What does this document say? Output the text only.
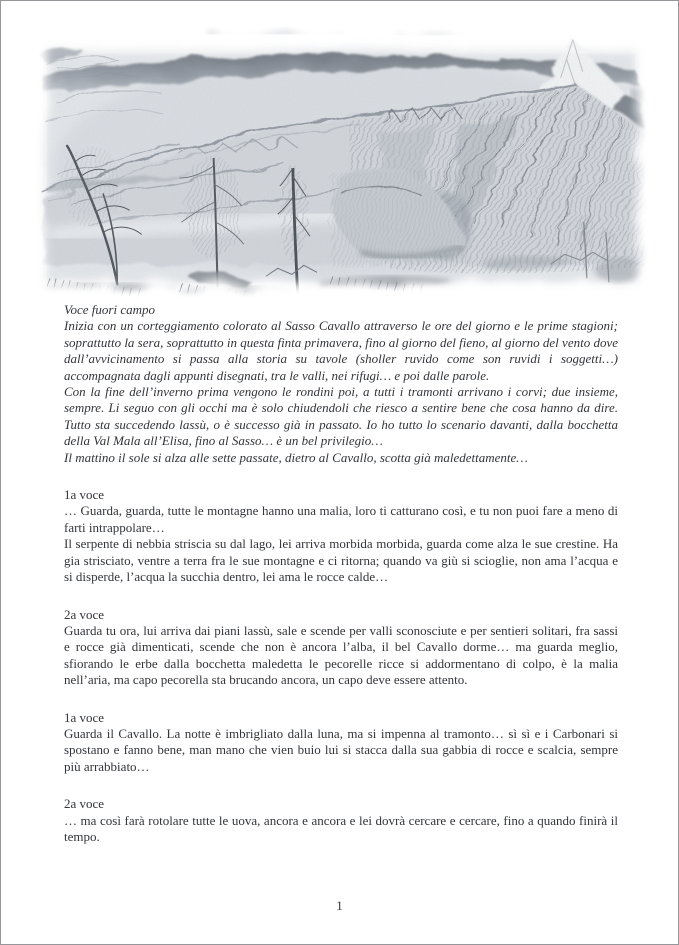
Voce fuori campo

Inizia con un corteggiamento colorato al Sasso Cavallo attraverso le ore del giorno e le prime stagioni; soprattutto la sera, soprattutto in questa finta primavera, fino al giorno del fieno, al giorno del vento dove dall’avvicinamento si passa alla storia su tavole (sholler ruvido come son ruvidi i soggetti…) accompagnata dagli appunti disegnati, tra le valli, nei rifugi… e poi dalle parole.

Con la fine dell’inverno prima vengono le rondini poi, a tutti i tramonti arrivano i corvi; due insieme, sempre. Li seguo con gli occhi ma è solo chiudendoli che riesco a sentire bene che cosa hanno da dire. Tutto sta succedendo lassù, o è successo già in passato. Io ho tutto lo scenario davanti, dalla bocchetta della Val Mala all’Elisa, fino al Sasso… è un bel privilegio…

Il mattino il sole si alza alle sette passate, dietro al Cavallo, scotta già maledettamente…

1a voce

… Guarda, guarda, tutte le montagne hanno una malia, loro ti catturano così, e tu non puoi fare a meno di farti intrappolare…

Il serpente di nebbia striscia su dal lago, lei arriva morbida morbida, guarda come alza le sue crestine. Ha gia strisciato, ventre a terra fra le sue montagne e ci ritorna; quando va giù si scioglie, non ama l’acqua e si disperde, l’acqua la succhia dentro, lei ama le rocce calde…

2a voce

Guarda tu ora, lui arriva dai piani lassù, sale e scende per valli sconosciute e per sentieri solitari, fra sassi e rocce già dimenticati, scende che non è ancora l’alba, il bel Cavallo dorme… ma guarda meglio, sfiorando le erbe dalla bocchetta maledetta le pecorelle ricce si addormentano di colpo, è la malia nell’aria, ma capo pecorella sta brucando ancora, un capo deve essere attento.

1a voce

Guarda il Cavallo. La notte è imbrigliato dalla luna, ma si impenna al tramonto… sì sì e i Carbonari si spostano e fanno bene, man mano che vien buio lui si stacca dalla sua gabbia di rocce e scalcia, sempre più arrabbiato…

2a voce

… ma così farà rotolare tutte le uova, ancora e ancora e lei dovrà cercare e cercare, fino a quando finirà il tempo.

1
